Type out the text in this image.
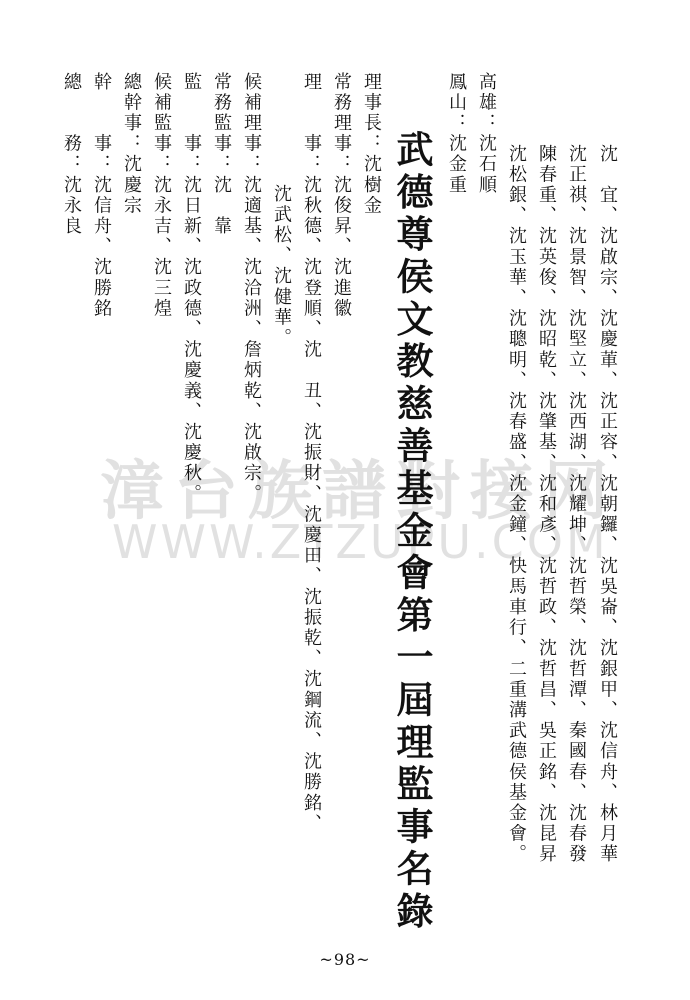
漳台族譜對接网
WWW.ZTZUPU.COM
沈　宜、沈啟宗、沈慶莗、沈正容、沈朝鑼、沈吳崙、沈銀甲、沈信舟、林月華
沈正祺、沈景智、沈堅立、沈西湖、沈耀坤、沈哲榮、沈哲潭、秦國春、沈春發
陳春重、沈英俊、沈昭乾、沈肇基、沈和彥、沈哲政、沈哲昌、吳正銘、沈昆昇
沈松銀、沈玉華、沈聰明、沈春盛、沈金鐘、快馬車行、二重溝武德侯基金會。
高雄：沈石順
鳳山：沈金重
武德尊侯文教慈善基金會第一屆理監事名錄
理事長：沈樹金
常務理事：沈俊昇、沈進徽
理　　事：沈秋德、沈登順、沈　丑、沈振財、沈慶田、沈振乾、沈鋼流、沈勝銘、
沈武松、沈健華。
候補理事：沈適基、沈洽洲、詹炳乾、沈啟宗。
常務監事：沈　靠
監　　事：沈日新、沈政德、沈慶義、沈慶秋。
候補監事：沈永吉、沈三煌
總幹事：沈慶宗
幹　　事：沈信舟、沈勝銘
總　　務：沈永良
~98~
